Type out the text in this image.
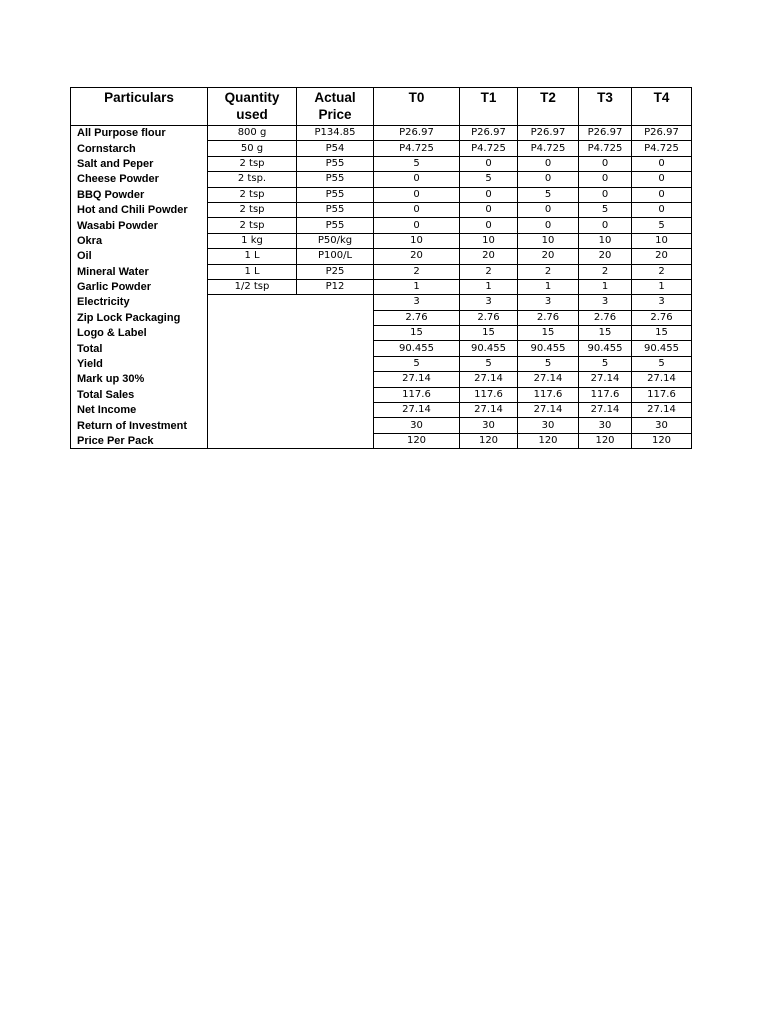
Particulars	Quantity used	Actual Price	T0	T1	T2	T3	T4
All Purpose flour	800 g	P134.85	P26.97	P26.97	P26.97	P26.97	P26.97
Cornstarch	50 g	P54	P4.725	P4.725	P4.725	P4.725	P4.725
Salt and Peper	2 tsp	P55	5	0	0	0	0
Cheese Powder	2 tsp.	P55	0	5	0	0	0
BBQ Powder	2 tsp	P55	0	0	5	0	0
Hot and Chili Powder	2 tsp	P55	0	0	0	5	0
Wasabi Powder	2 tsp	P55	0	0	0	0	5
Okra	1 kg	P50/kg	10	10	10	10	10
Oil	1 L	P100/L	20	20	20	20	20
Mineral Water	1 L	P25	2	2	2	2	2
Garlic Powder	1/2 tsp	P12	1	1	1	1	1
Electricity			3	3	3	3	3
Zip Lock Packaging			2.76	2.76	2.76	2.76	2.76
Logo & Label			15	15	15	15	15
Total			90.455	90.455	90.455	90.455	90.455
Yield			5	5	5	5	5
Mark up 30%			27.14	27.14	27.14	27.14	27.14
Total Sales			117.6	117.6	117.6	117.6	117.6
Net Income			27.14	27.14	27.14	27.14	27.14
Return of Investment			30	30	30	30	30
Price Per Pack			120	120	120	120	120
